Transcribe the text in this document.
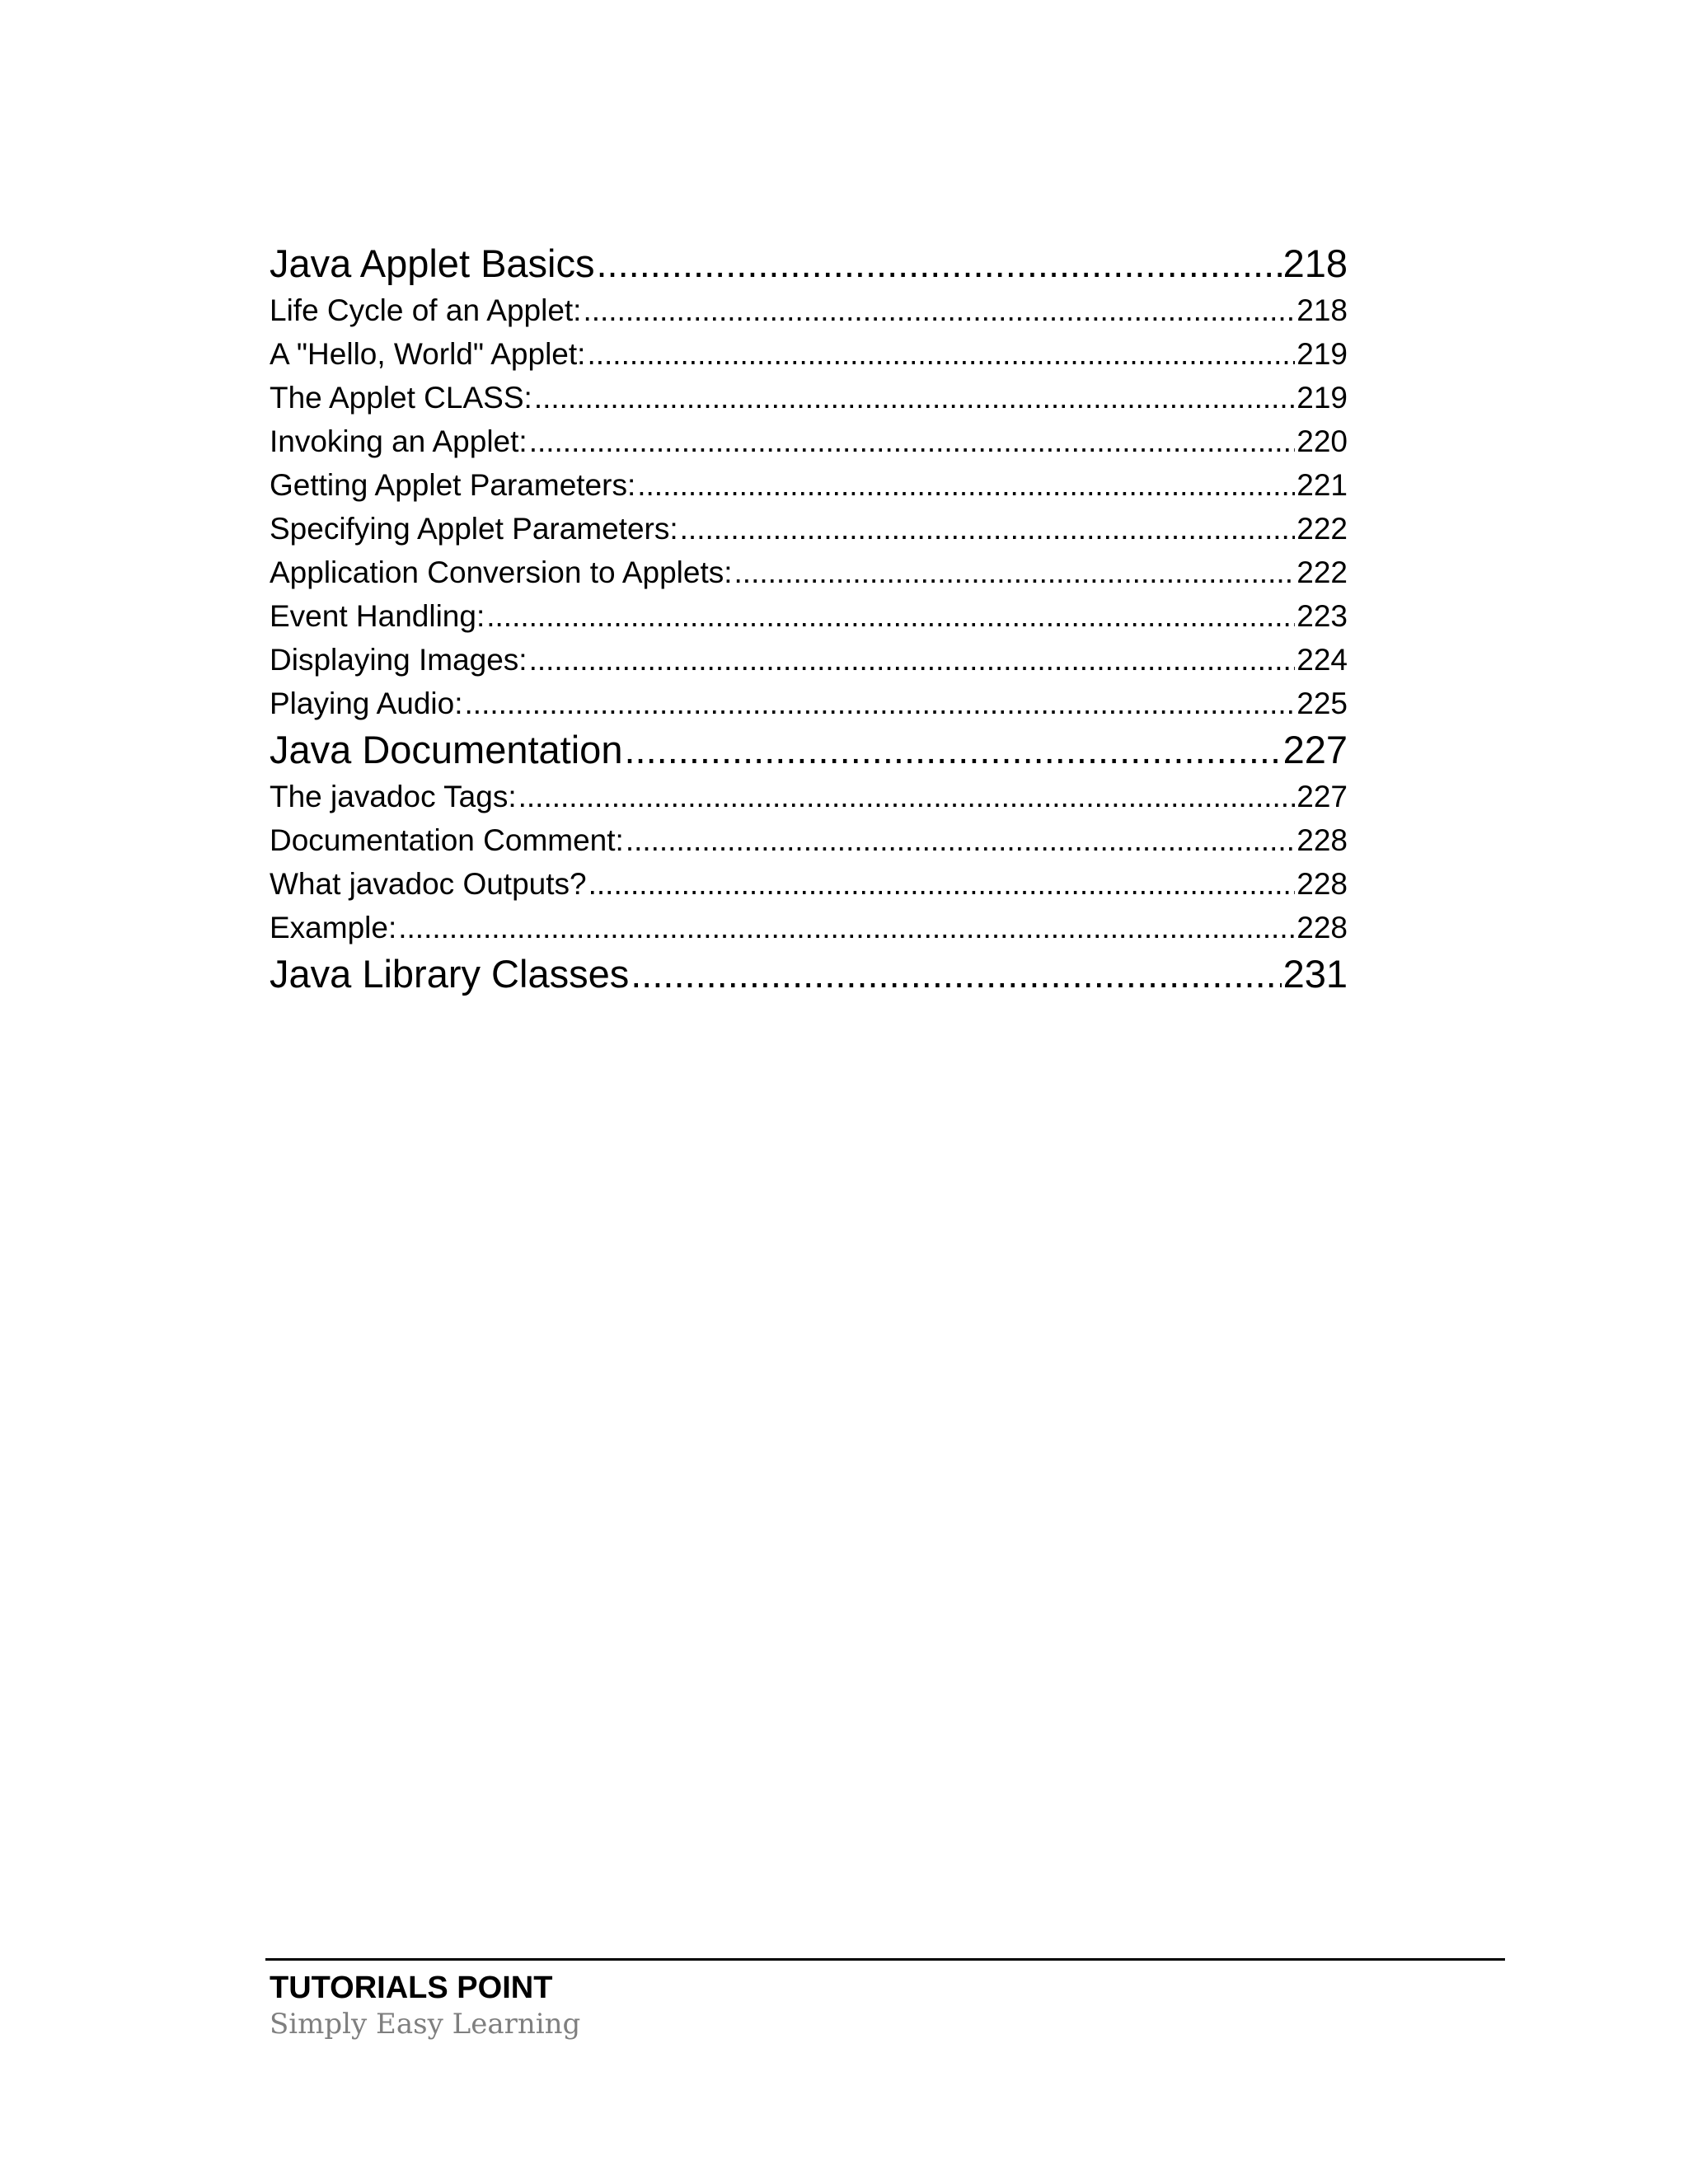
Java Applet Basics .....	218
Life Cycle of an Applet: .....	218
A "Hello, World" Applet: .....	219
The Applet CLASS: .....	219
Invoking an Applet: .....	220
Getting Applet Parameters: .....	221
Specifying Applet Parameters: .....	222
Application Conversion to Applets: .....	222
Event Handling: .....	223
Displaying Images: .....	224
Playing Audio: .....	225
Java Documentation .....	227
The javadoc Tags: .....	227
Documentation Comment: .....	228
What javadoc Outputs? .....	228
Example: .....	228
Java Library Classes .....	231
TUTORIALS POINT
Simply Easy Learning
